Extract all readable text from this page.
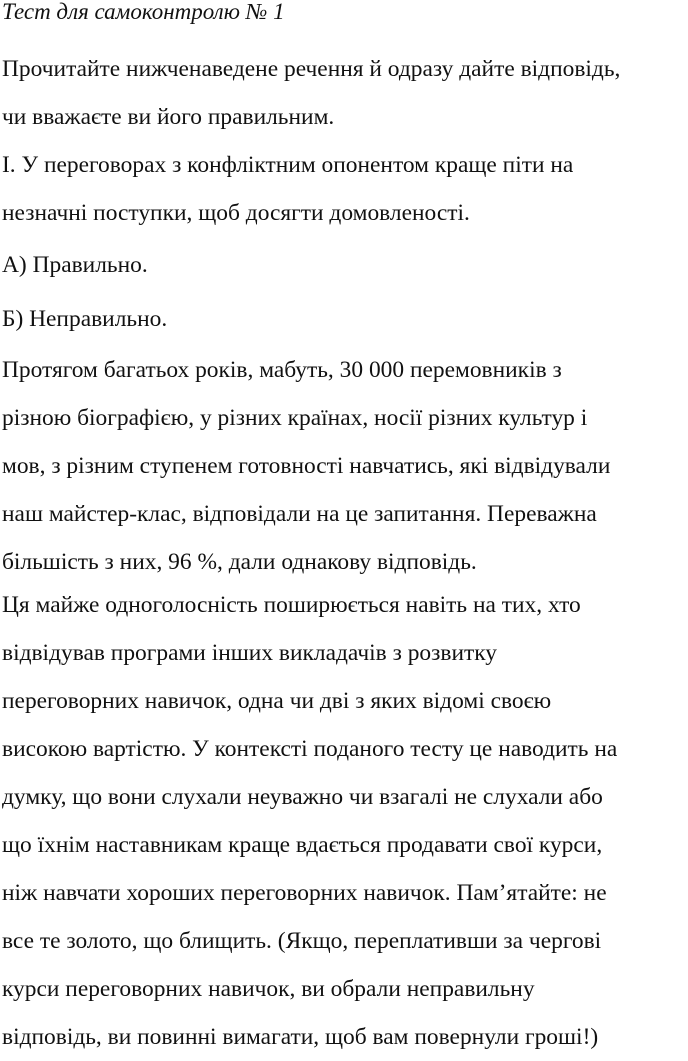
Тест для самоконтролю № 1

Прочитайте нижченаведене речення й одразу дайте відповідь,
чи вважаєте ви його правильним.

І. У переговорах з конфліктним опонентом краще піти на
незначні поступки, щоб досягти домовленості.

А) Правильно.

Б) Неправильно.

Протягом багатьох років, мабуть, 30 000 перемовників з
різною біографією, у різних країнах, носії різних культур і
мов, з різним ступенем готовності навчатись, які відвідували
наш майстер-клас, відповідали на це запитання. Переважна
більшість з них, 96 %, дали однакову відповідь.

Ця майже одноголосність поширюється навіть на тих, хто
відвідував програми інших викладачів з розвитку
переговорних навичок, одна чи дві з яких відомі своєю
високою вартістю. У контексті поданого тесту це наводить на
думку, що вони слухали неуважно чи взагалі не слухали або
що їхнім наставникам краще вдається продавати свої курси,
ніж навчати хороших переговорних навичок. Пам’ятайте: не
все те золото, що блищить. (Якщо, переплативши за чергові
курси переговорних навичок, ви обрали неправильну
відповідь, ви повинні вимагати, щоб вам повернули гроші!)
